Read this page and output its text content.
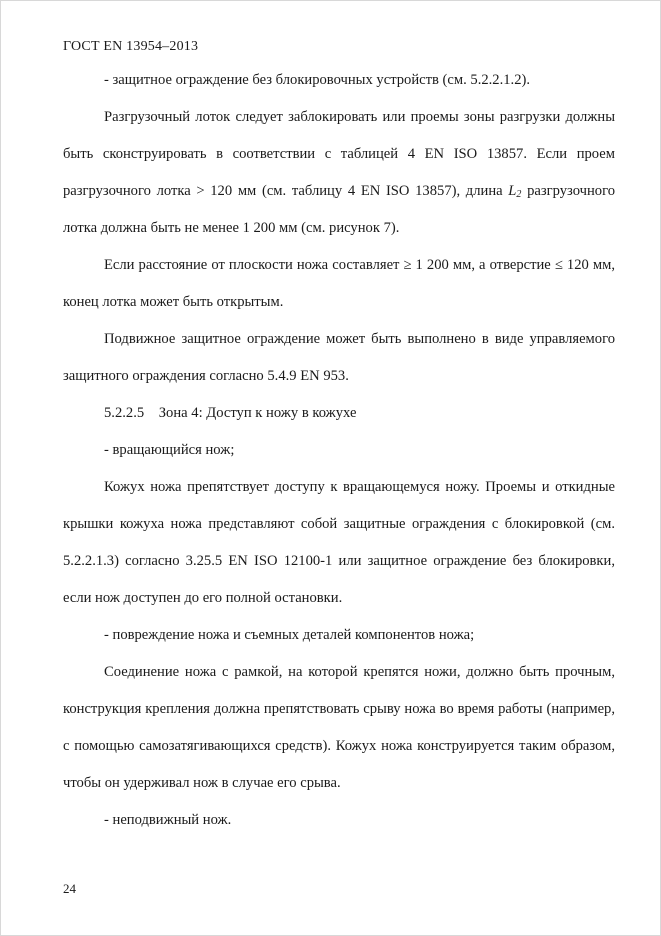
ГОСТ EN 13954–2013

- защитное ограждение без блокировочных устройств (см. 5.2.2.1.2).

Разгрузочный лоток следует заблокировать или проемы зоны разгрузки должны быть сконструировать в соответствии с таблицей 4 EN ISO 13857. Если проем разгрузочного лотка > 120 мм (см. таблицу 4 EN ISO 13857), длина $L_2$ разгрузочного лотка должна быть не менее 1 200 мм (см. рисунок 7).

Если расстояние от плоскости ножа составляет ≥ 1 200 мм, а отверстие ≤ 120 мм, конец лотка может быть открытым.

Подвижное защитное ограждение может быть выполнено в виде управляемого защитного ограждения согласно 5.4.9 EN 953.

5.2.2.5    Зона 4: Доступ к ножу в кожухе

- вращающийся нож;

Кожух ножа препятствует доступу к вращающемуся ножу. Проемы и откидные крышки кожуха ножа представляют собой защитные ограждения с блокировкой (см. 5.2.2.1.3) согласно 3.25.5 EN ISO 12100-1 или защитное ограждение без блокировки, если нож доступен до его полной остановки.

- повреждение ножа и съемных деталей компонентов ножа;

Соединение ножа с рамкой, на которой крепятся ножи, должно быть прочным, конструкция крепления должна препятствовать срыву ножа во время работы (например, с помощью самозатягивающихся средств). Кожух ножа конструируется таким образом, чтобы он удерживал нож в случае его срыва.

- неподвижный нож.

24
